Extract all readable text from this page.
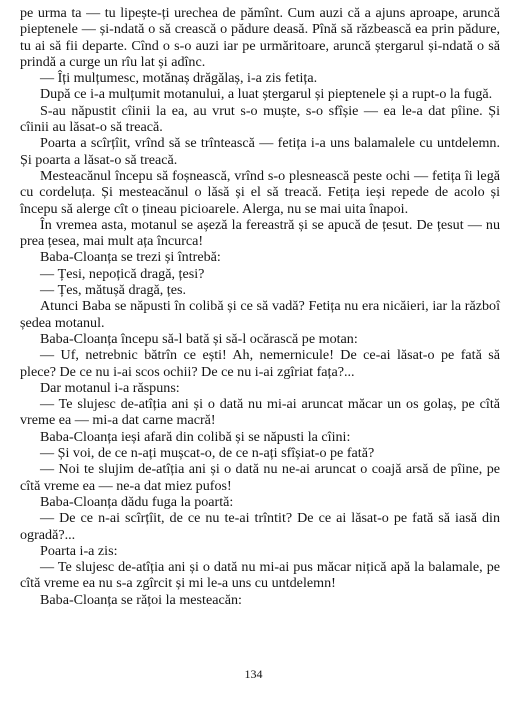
pe urma ta — tu lipește-ți urechea de pămînt. Cum auzi că a ajuns aproape, aruncă pieptenele — și-ndată o să crească o pădure deasă. Pînă să răzbească ea prin pădure, tu ai să fii departe. Cînd o s-o auzi iar pe urmăritoare, aruncă ștergarul și-ndată o să prindă a curge un rîu lat și adînc.

— Îți mulțumesc, motănaș drăgălaș, i-a zis fetița.

După ce i-a mulțumit motanului, a luat ștergarul și pieptenele și a rupt-o la fugă.

S-au năpustit cîinii la ea, au vrut s-o muște, s-o sfîșie — ea le-a dat pîine. Și cîinii au lăsat-o să treacă.

Poarta a scîrțîit, vrînd să se trîntească — fetița i-a uns balamalele cu untdelemn. Și poarta a lăsat-o să treacă.

Mesteacănul începu să foșnească, vrînd s-o plesnească peste ochi — fetița îi legă cu cordeluța. Și mesteacănul o lăsă și el să treacă. Fetița ieși repede de acolo și începu să alerge cît o țineau picioarele. Alerga, nu se mai uita înapoi.

În vremea asta, motanul se așeză la fereastră și se apucă de țesut. De țesut — nu prea țesea, mai mult ața încurca!

Baba-Cloanța se trezi și întrebă:

— Țesi, nepoțică dragă, țesi?

— Țes, mătușă dragă, țes.

Atunci Baba se năpusti în colibă și ce să vadă? Fetița nu era nicăieri, iar la războî ședea motanul.

Baba-Cloanța începu să-l bată și să-l ocărască pe motan:

— Uf, netrebnic bătrîn ce ești! Ah, nemernicule! De ce-ai lăsat-o pe fată să plece? De ce nu i-ai scos ochii? De ce nu i-ai zgîriat fața?...

Dar motanul i-a răspuns:

— Te slujesc de-atîția ani și o dată nu mi-ai aruncat măcar un os golaș, pe cîtă vreme ea — mi-a dat carne macră!

Baba-Cloanța ieși afară din colibă și se năpusti la cîini:

— Și voi, de ce n-ați mușcat-o, de ce n-ați sfîșiat-o pe fată?

— Noi te slujim de-atîția ani și o dată nu ne-ai aruncat o coajă arsă de pîine, pe cîtă vreme ea — ne-a dat miez pufos!

Baba-Cloanța dădu fuga la poartă:

— De ce n-ai scîrțîit, de ce nu te-ai trîntit? De ce ai lăsat-o pe fată să iasă din ogradă?...

Poarta i-a zis:

— Te slujesc de-atîția ani și o dată nu mi-ai pus măcar nițică apă la balamale, pe cîtă vreme ea nu s-a zgîrcit și mi le-a uns cu untdelemn!

Baba-Cloanța se rățoi la mesteacăn:

134
